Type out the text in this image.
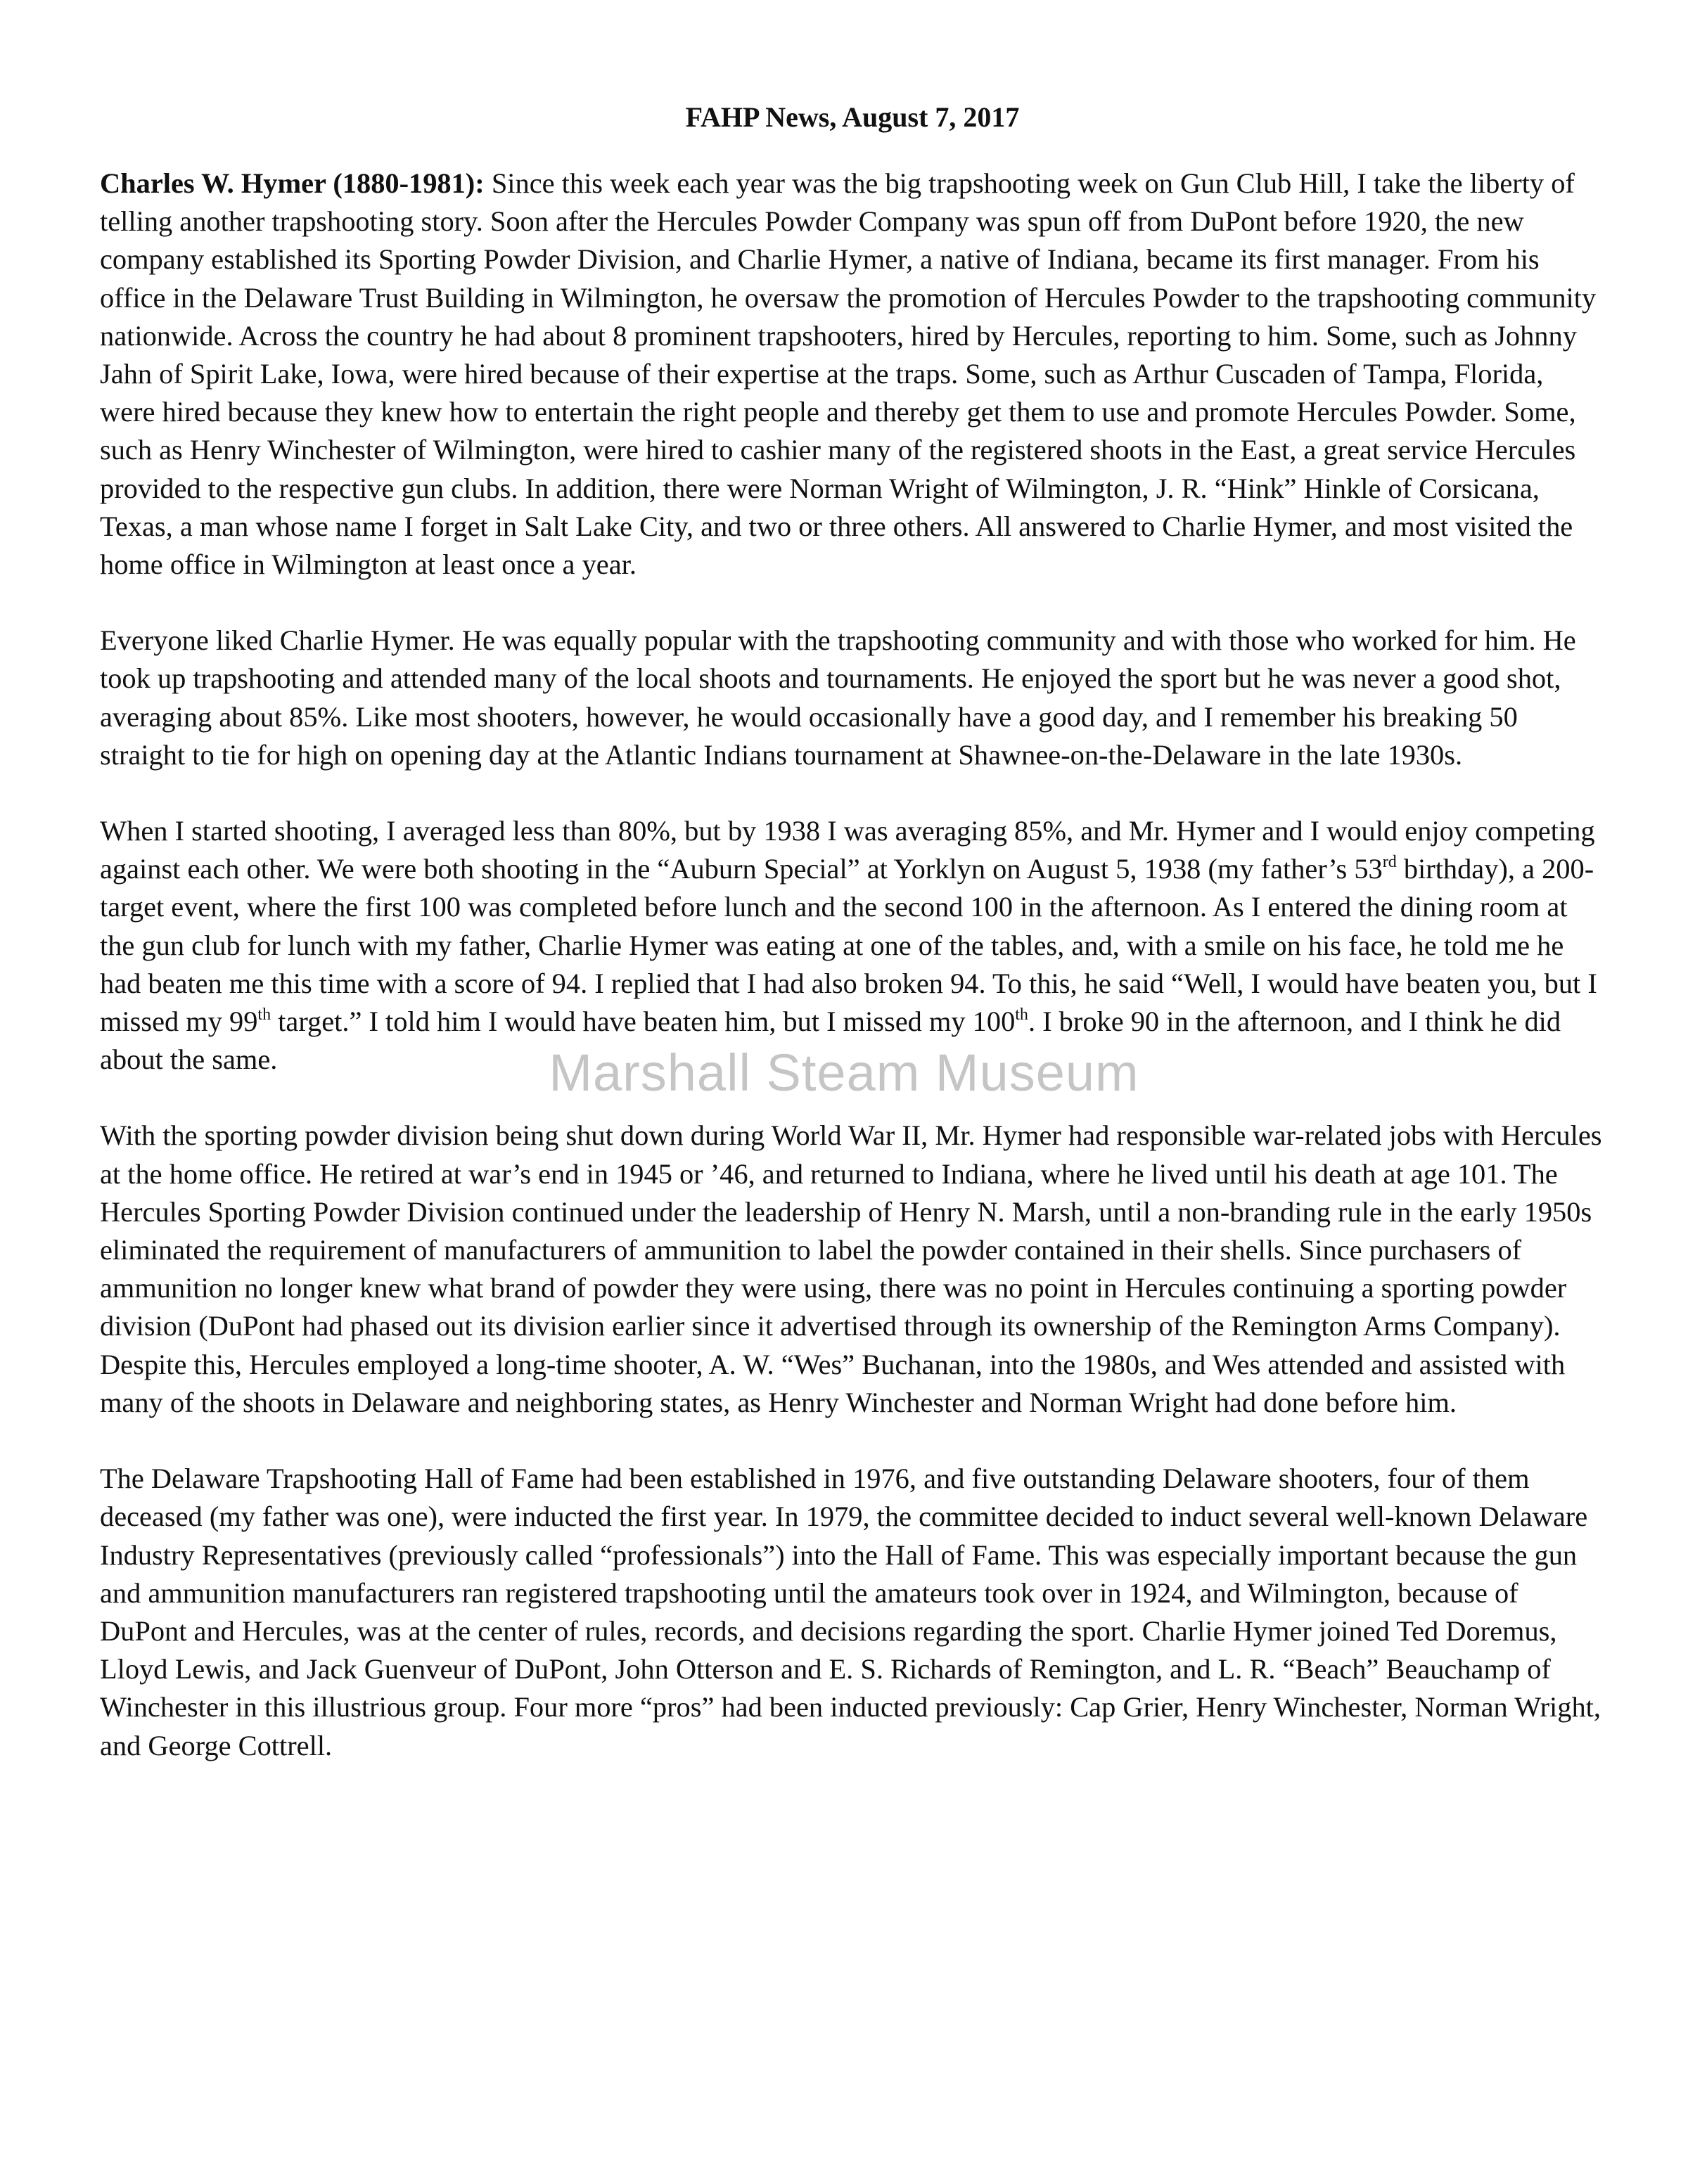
FAHP News, August 7, 2017

Charles W. Hymer (1880-1981): Since this week each year was the big trapshooting week on Gun Club Hill, I take the liberty of telling another trapshooting story. Soon after the Hercules Powder Company was spun off from DuPont before 1920, the new company established its Sporting Powder Division, and Charlie Hymer, a native of Indiana, became its first manager. From his office in the Delaware Trust Building in Wilmington, he oversaw the promotion of Hercules Powder to the trapshooting community nationwide. Across the country he had about 8 prominent trapshooters, hired by Hercules, reporting to him. Some, such as Johnny Jahn of Spirit Lake, Iowa, were hired because of their expertise at the traps. Some, such as Arthur Cuscaden of Tampa, Florida, were hired because they knew how to entertain the right people and thereby get them to use and promote Hercules Powder. Some, such as Henry Winchester of Wilmington, were hired to cashier many of the registered shoots in the East, a great service Hercules provided to the respective gun clubs. In addition, there were Norman Wright of Wilmington, J. R. “Hink” Hinkle of Corsicana, Texas, a man whose name I forget in Salt Lake City, and two or three others. All answered to Charlie Hymer, and most visited the home office in Wilmington at least once a year.

Everyone liked Charlie Hymer. He was equally popular with the trapshooting community and with those who worked for him. He took up trapshooting and attended many of the local shoots and tournaments. He enjoyed the sport but he was never a good shot, averaging about 85%. Like most shooters, however, he would occasionally have a good day, and I remember his breaking 50 straight to tie for high on opening day at the Atlantic Indians tournament at Shawnee-on-the-Delaware in the late 1930s.

When I started shooting, I averaged less than 80%, but by 1938 I was averaging 85%, and Mr. Hymer and I would enjoy competing against each other. We were both shooting in the “Auburn Special” at Yorklyn on August 5, 1938 (my father’s 53rd birthday), a 200-target event, where the first 100 was completed before lunch and the second 100 in the afternoon. As I entered the dining room at the gun club for lunch with my father, Charlie Hymer was eating at one of the tables, and, with a smile on his face, he told me he had beaten me this time with a score of 94. I replied that I had also broken 94. To this, he said “Well, I would have beaten you, but I missed my 99th target.” I told him I would have beaten him, but I missed my 100th. I broke 90 in the afternoon, and I think he did about the same.

With the sporting powder division being shut down during World War II, Mr. Hymer had responsible war-related jobs with Hercules at the home office. He retired at war’s end in 1945 or ’46, and returned to Indiana, where he lived until his death at age 101. The Hercules Sporting Powder Division continued under the leadership of Henry N. Marsh, until a non-branding rule in the early 1950s eliminated the requirement of manufacturers of ammunition to label the powder contained in their shells. Since purchasers of ammunition no longer knew what brand of powder they were using, there was no point in Hercules continuing a sporting powder division (DuPont had phased out its division earlier since it advertised through its ownership of the Remington Arms Company). Despite this, Hercules employed a long-time shooter, A. W. “Wes” Buchanan, into the 1980s, and Wes attended and assisted with many of the shoots in Delaware and neighboring states, as Henry Winchester and Norman Wright had done before him.

The Delaware Trapshooting Hall of Fame had been established in 1976, and five outstanding Delaware shooters, four of them deceased (my father was one), were inducted the first year. In 1979, the committee decided to induct several well-known Delaware Industry Representatives (previously called “professionals”) into the Hall of Fame. This was especially important because the gun and ammunition manufacturers ran registered trapshooting until the amateurs took over in 1924, and Wilmington, because of DuPont and Hercules, was at the center of rules, records, and decisions regarding the sport. Charlie Hymer joined Ted Doremus, Lloyd Lewis, and Jack Guenveur of DuPont, John Otterson and E. S. Richards of Remington, and L. R. “Beach” Beauchamp of Winchester in this illustrious group. Four more “pros” had been inducted previously: Cap Grier, Henry Winchester, Norman Wright, and George Cottrell.

Marshall Steam Museum
